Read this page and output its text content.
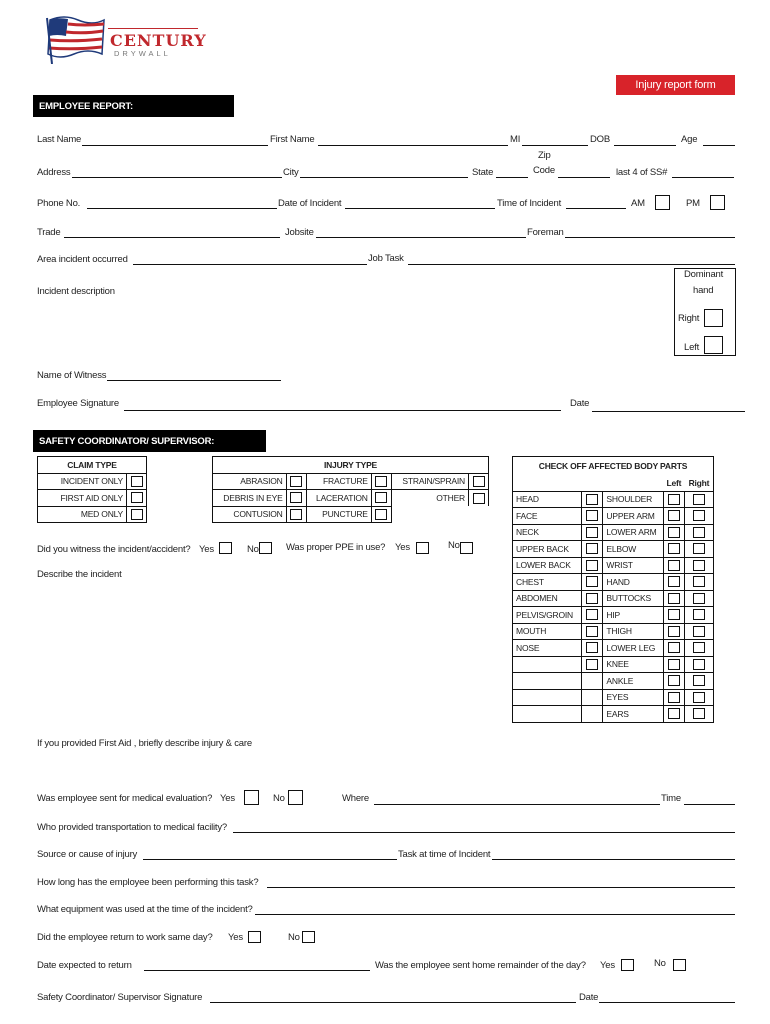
CENTURY
DRYWALL
Injury report form
EMPLOYEE REPORT:
Last Name	First Name	MI	DOB	Age
Zip
Address	City	State	Code	last 4 of SS#
Phone No.	Date of Incident	Time of Incident	AM	PM
Trade	Jobsite	Foreman
Area incident occurred	Job Task
Incident description
Dominant
hand
Right
Left
Name of Witness
Employee Signature	Date
SAFETY COORDINATOR/ SUPERVISOR:
CLAIM TYPE	
INCIDENT ONLY	
FIRST AID ONLY	
MED ONLY	
INJURY TYPE					
ABRASION		FRACTURE		STRAIN/SPRAIN	
DEBRIS IN EYE		LACERATION		OTHER	
CONTUSION		PUNCTURE			
CHECK OFF AFFECTED BODY PARTS				
			Left	Right
HEAD		SHOULDER		
FACE		UPPER ARM		
NECK		LOWER ARM		
UPPER BACK		ELBOW		
LOWER BACK		WRIST		
CHEST		HAND		
ABDOMEN		BUTTOCKS		
PELVIS/GROIN		HIP		
MOUTH		THIGH		
NOSE		LOWER LEG		
		KNEE		
		ANKLE		
		EYES		
		EARS		
Did you witness the incident/accident? Yes	No	Was proper PPE in use? Yes	No
Describe the incident
If you provided First Aid , briefly describe injury & care
Was employee sent for medical evaluation? Yes	No	Where	Time
Who provided transportation to medical facility?
Source or cause of injury	Task at time of Incident
How long has the employee been performing this task?
What equipment was used at the time of the incident?
Did the employee return to work same day? Yes	No
Date expected to return	Was the employee sent home remainder of the day? Yes	No
Safety Coordinator/ Supervisor Signature	Date
